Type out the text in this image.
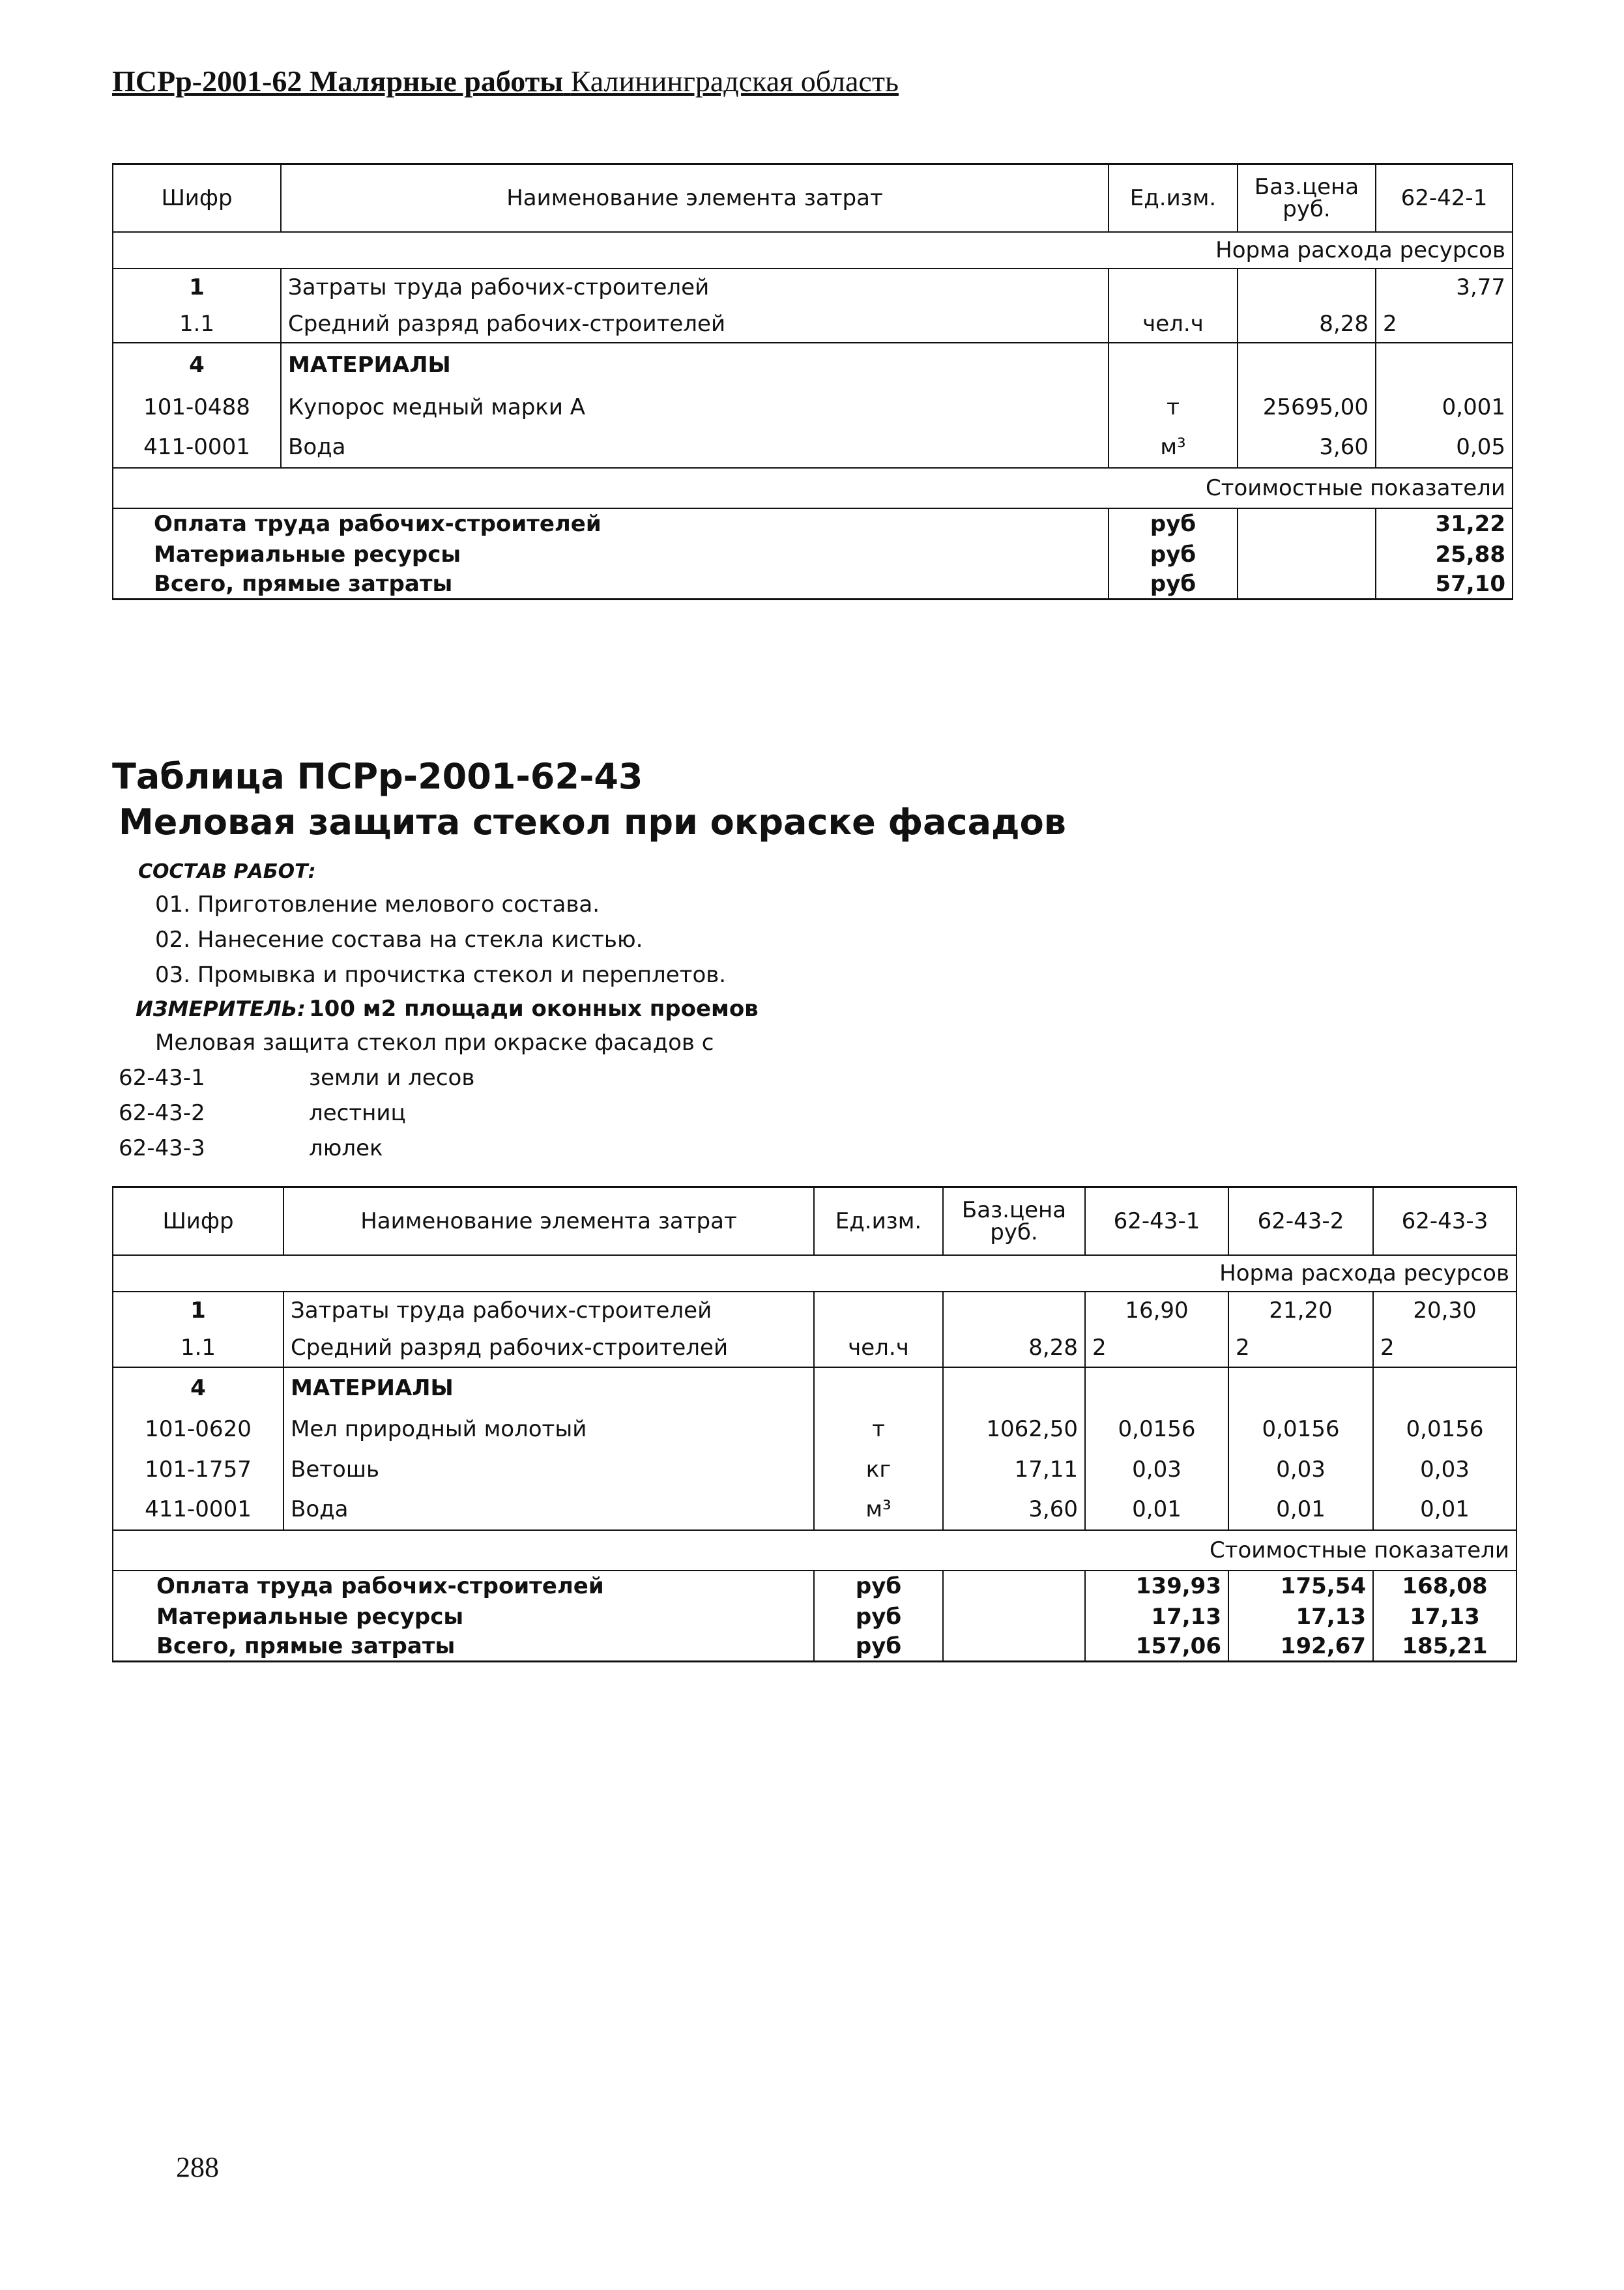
ПСРр-2001-62 Малярные работы Калининградская область
Шифр	Наименование элемента затрат	Ед.изм.	Баз.цена руб.	62-42-1
Норма расхода ресурсов				
1	Затраты труда рабочих-строителей			3,77
1.1	Средний разряд рабочих-строителей	чел.ч	8,28	2
4	МАТЕРИАЛЫ			
101-0488	Купорос медный марки А	т	25695,00	0,001
411-0001	Вода	м³	3,60	0,05
Стоимостные показатели				
Оплата труда рабочих-строителей		руб		31,22
Материальные ресурсы		руб		25,88
Всего, прямые затраты		руб		57,10
Таблица ПСРр-2001-62-43
Меловая защита стекол при окраске фасадов
СОСТАВ РАБОТ:
01. Приготовление мелового состава.
02. Нанесение состава на стекла кистью.
03. Промывка и прочистка стекол и переплетов.
ИЗМЕРИТЕЛЬ: 100 м2 площади оконных проемов
Меловая защита стекол при окраске фасадов с
62-43-1	земли и лесов
62-43-2	лестниц
62-43-3	люлек
Шифр	Наименование элемента затрат	Ед.изм.	Баз.цена руб.	62-43-1	62-43-2	62-43-3
Норма расхода ресурсов						
1	Затраты труда рабочих-строителей			16,90	21,20	20,30
1.1	Средний разряд рабочих-строителей	чел.ч	8,28	2	2	2
4	МАТЕРИАЛЫ					
101-0620	Мел природный молотый	т	1062,50	0,0156	0,0156	0,0156
101-1757	Ветошь	кг	17,11	0,03	0,03	0,03
411-0001	Вода	м³	3,60	0,01	0,01	0,01
Стоимостные показатели						
Оплата труда рабочих-строителей		руб		139,93	175,54	168,08
Материальные ресурсы		руб		17,13	17,13	17,13
Всего, прямые затраты		руб		157,06	192,67	185,21
288
